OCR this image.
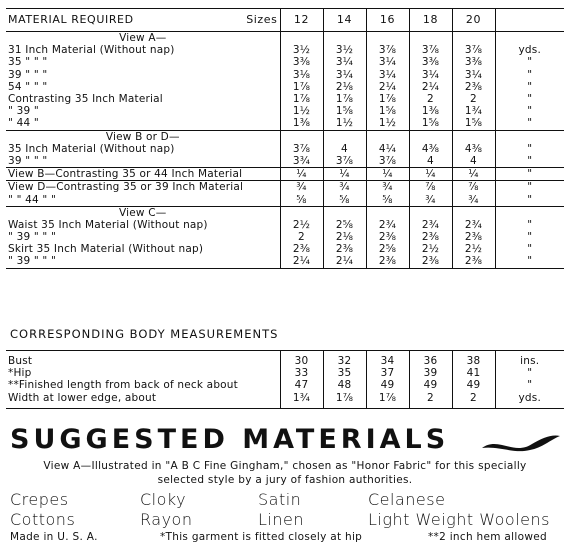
MATERIAL REQUIRED Sizes	12	14	16	18	20	
View A—						
31 Inch Material (Without nap)	3½	3½	3⅞	3⅞	3⅞	yds.
35 " " "	3⅜	3¼	3¼	3⅜	3⅜	"
39 " " "	3⅛	3¼	3¼	3¼	3¼	"
54 " " "	1⅞	2⅛	2¼	2¼	2⅜	"
Contrasting 35 Inch Material	1⅞	1⅞	1⅞	2	2	"
" 39 "	1½	1⅝	1⅝	1⅜	1¾	"
" 44 "	1⅜	1½	1½	1⅝	1⅝	"
View B or D—						
35 Inch Material (Without nap)	3⅞	4	4¼	4⅜	4⅜	"
39 " " "	3¾	3⅞	3⅞	4	4	"
View B—Contrasting 35 or 44 Inch Material	¼	¼	¼	¼	¼	"
View D—Contrasting 35 or 39 Inch Material	¾	¾	¾	⅞	⅞	"
" " 44 " "	⅝	⅝	⅝	¾	¾	"
View C—						
Waist 35 Inch Material (Without nap)	2½	2⅝	2¾	2¾	2¾	"
" 39 " " "	2	2⅛	2⅜	2⅜	2⅜	"
Skirt 35 Inch Material (Without nap)	2⅜	2⅜	2⅝	2½	2½	"
" 39 " " "	2¼	2¼	2⅜	2⅜	2⅜	"
CORRESPONDING BODY MEASUREMENTS
Bust	30	32	34	36	38	ins.
*Hip	33	35	37	39	41	"
**Finished length from back of neck about	47	48	49	49	49	"
Width at lower edge, about	1¾	1⅞	1⅞	2	2	yds.
SUGGESTED MATERIALS
View A—Illustrated in "A B C Fine Gingham," chosen as "Honor Fabric" for this specially
selected style by a jury of fashion authorities.
Crepes	Cloky	Satin	Celanese
Cottons	Rayon	Linen	Light Weight Woolens
Made in U. S. A.	*This garment is fitted closely at hip	**2 inch hem allowed
